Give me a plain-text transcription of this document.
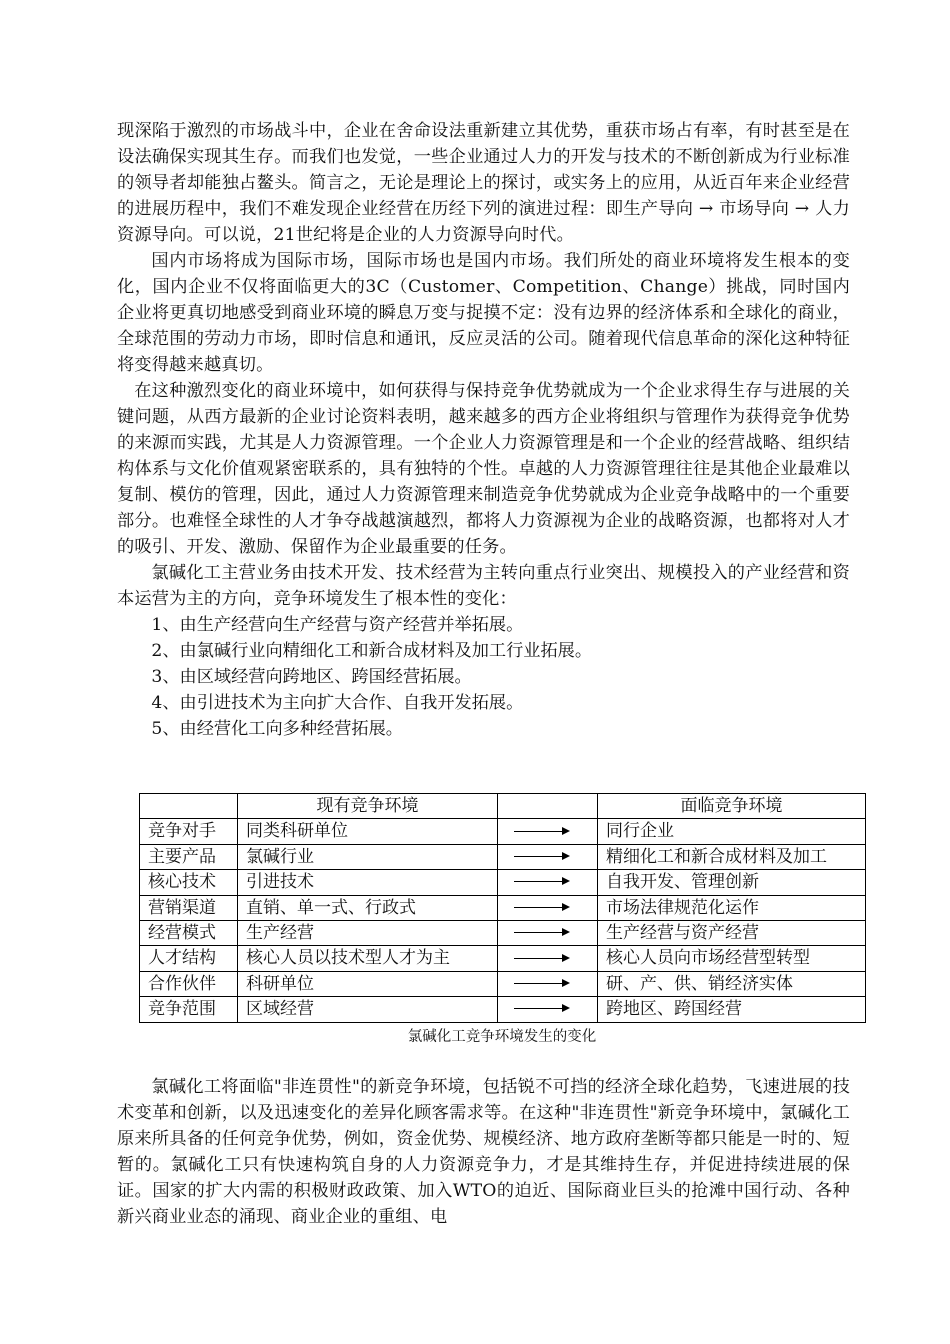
现深陷于激烈的市场战斗中，企业在舍命设法重新建立其优势，重获市场占有率，有时甚至是在设法确保实现其生存。而我们也发觉，一些企业通过人力的开发与技术的不断创新成为行业标准的领导者却能独占鳌头。简言之，无论是理论上的探讨，或实务上的应用，从近百年来企业经营的进展历程中，我们不难发现企业经营在历经下列的演进过程：即生产导向 → 市场导向 → 人力资源导向。可以说，21世纪将是企业的人力资源导向时代。

国内市场将成为国际市场，国际市场也是国内市场。我们所处的商业环境将发生根本的变化，国内企业不仅将面临更大的3C（Customer、Competition、Change）挑战，同时国内企业将更真切地感受到商业环境的瞬息万变与捉摸不定：没有边界的经济体系和全球化的商业，全球范围的劳动力市场，即时信息和通讯，反应灵活的公司。随着现代信息革命的深化这种特征将变得越来越真切。

在这种激烈变化的商业环境中，如何获得与保持竞争优势就成为一个企业求得生存与进展的关键问题，从西方最新的企业讨论资料表明，越来越多的西方企业将组织与管理作为获得竞争优势的来源而实践，尤其是人力资源管理。一个企业人力资源管理是和一个企业的经营战略、组织结构体系与文化价值观紧密联系的，具有独特的个性。卓越的人力资源管理往往是其他企业最难以复制、模仿的管理，因此，通过人力资源管理来制造竞争优势就成为企业竞争战略中的一个重要部分。也难怪全球性的人才争夺战越演越烈，都将人力资源视为企业的战略资源，也都将对人才的吸引、开发、激励、保留作为企业最重要的任务。

氯碱化工主营业务由技术开发、技术经营为主转向重点行业突出、规模投入的产业经营和资本运营为主的方向，竞争环境发生了根本性的变化：

1、由生产经营向生产经营与资产经营并举拓展。

2、由氯碱行业向精细化工和新合成材料及加工行业拓展。

3、由区域经营向跨地区、跨国经营拓展。

4、由引进技术为主向扩大合作、自我开发拓展。

5、由经营化工向多种经营拓展。

	现有竞争环境		面临竞争环境
竞争对手	同类科研单位		同行企业
主要产品	氯碱行业		精细化工和新合成材料及加工
核心技术	引进技术		自我开发、管理创新
营销渠道	直销、单一式、行政式		市场法律规范化运作
经营模式	生产经营		生产经营与资产经营
人才结构	核心人员以技术型人才为主		核心人员向市场经营型转型
合作伙伴	科研单位		研、产、供、销经济实体
竞争范围	区域经营		跨地区、跨国经营
氯碱化工竞争环境发生的变化

氯碱化工将面临"非连贯性"的新竞争环境，包括锐不可挡的经济全球化趋势，飞速进展的技术变革和创新，以及迅速变化的差异化顾客需求等。在这种"非连贯性"新竞争环境中，氯碱化工原来所具备的任何竞争优势，例如，资金优势、规模经济、地方政府垄断等都只能是一时的、短暂的。氯碱化工只有快速构筑自身的人力资源竞争力，才是其维持生存，并促进持续进展的保证。国家的扩大内需的积极财政政策、加入WTO的迫近、国际商业巨头的抢滩中国行动、各种新兴商业业态的涌现、商业企业的重组、电
